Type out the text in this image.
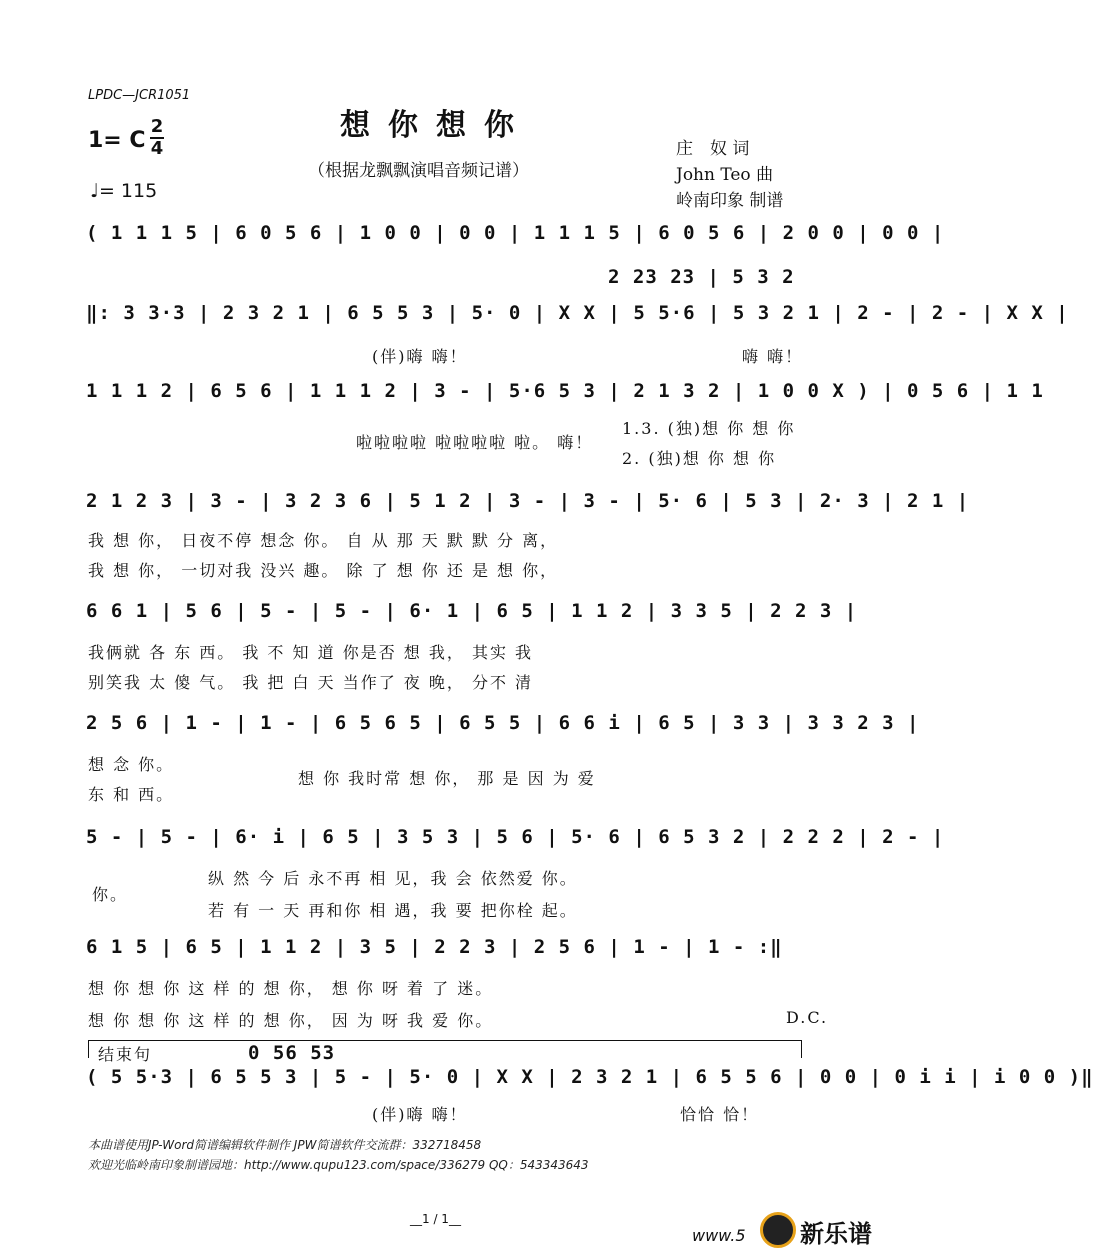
LPDC—JCR1051
想你想你
1= C
2
4
♩= 115
（根据龙飘飘演唱音频记谱）
庄　奴 词
John Teo 曲
岭南印象 制谱
( 1 1 1 5 | 6 0 5 6 | 1 0 0 | 0 0 | 1 1 1 5 | 6 0 5 6 | 2 0 0 | 0 0 |
2 23 23 | 5 3 2
‖: 3 3·3 | 2 3 2 1 | 6 5 5 3 | 5· 0 | X X | 5 5·6 | 5 3 2 1 | 2 - | 2 - | X X |
1 1 1 2 | 6 5 6 | 1 1 1 2 | 3 - | 5·6 5 3 | 2 1 3 2 | 1 0 0 X ) | 0 5 6 | 1 1
2 1 2 3 | 3 - | 3 2 3 6 | 5 1 2 | 3 - | 3 - | 5· 6 | 5 3 | 2· 3 | 2 1 |
6 6 1 | 5 6 | 5 - | 5 - | 6· 1 | 6 5 | 1 1 2 | 3 3 5 | 2 2 3 |
2 5 6 | 1 - | 1 - | 6 5 6 5 | 6 5 5 | 6 6 i | 6 5 | 3 3 | 3 3 2 3 |
5 - | 5 - | 6· i | 6 5 | 3 5 3 | 5 6 | 5· 6 | 6 5 3 2 | 2 2 2 | 2 - |
6 1 5 | 6 5 | 1 1 2 | 3 5 | 2 2 3 | 2 5 6 | 1 - | 1 - :‖
0 56 53
( 5 5·3 | 6 5 5 3 | 5 - | 5· 0 | X X | 2 3 2 1 | 6 5 5 6 | 0 0 | 0 i i | i 0 0 )‖
(伴)嗨 嗨！	嗨 嗨！
啦啦啦啦 啦啦啦啦 啦。 嗨！
1.3. (独)想 你 想 你
2. (独)想 你 想 你
我 想 你， 日夜不停 想念 你。 自 从 那 天 默 默 分 离，
我 想 你， 一切对我 没兴 趣。 除 了 想 你 还 是 想 你，
我俩就 各 东 西。 我 不 知 道 你是否 想 我， 其实 我
别笑我 太 傻 气。 我 把 白 天 当作了 夜 晚， 分不 清
想 念 你。
东 和 西。
想 你 我时常 想 你， 那 是 因 为 爱
你。
纵 然 今 后 永不再 相 见，我 会 依然爱 你。
若 有 一 天 再和你 相 遇，我 要 把你栓 起。
想 你 想 你 这 样 的 想 你， 想 你 呀 着 了 迷。
想 你 想 你 这 样 的 想 你， 因 为 呀 我 爱 你。	D.C.
结束句
(伴)嗨 嗨！	恰恰 恰！
本曲谱使用JP-Word简谱编辑软件制作 JPW简谱软件交流群：332718458
欢迎光临岭南印象制谱园地：http://www.qupu123.com/space/336279 QQ：543343643
__1 / 1__
www.5 新乐谱
